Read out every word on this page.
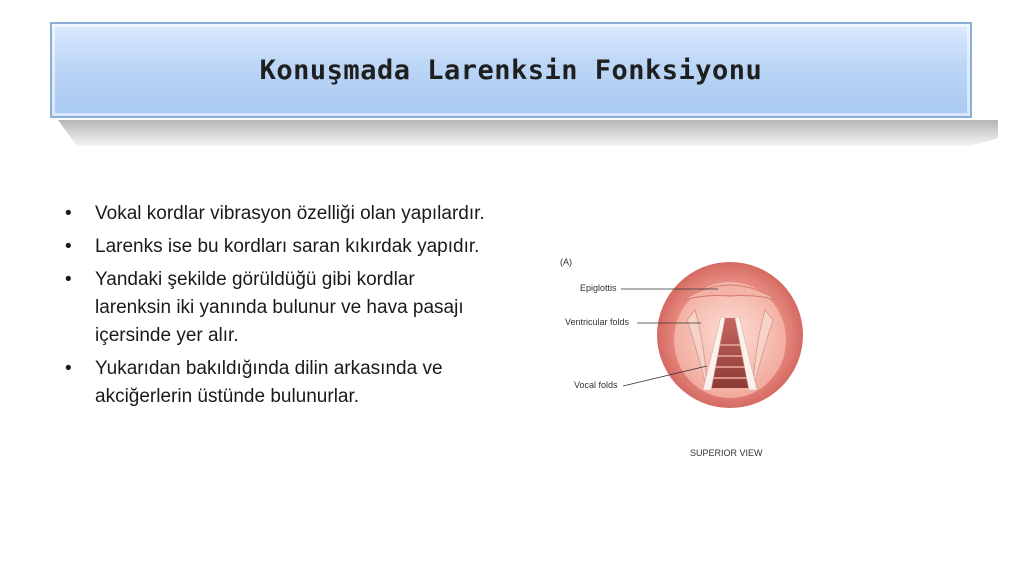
Konuşmada Larenksin Fonksiyonu
• Vokal kordlar vibrasyon özelliği olan yapılardır.
• Larenks ise bu kordları saran kıkırdak yapıdır.
• Yandaki şekilde görüldüğü gibi kordlar larenksin iki yanında bulunur ve hava pasajı içersinde yer alır.
• Yukarıdan bakıldığında dilin arkasında ve akciğerlerin üstünde bulunurlar.
(A)
Epiglottis
Ventricular folds
Vocal folds
SUPERIOR VIEW
